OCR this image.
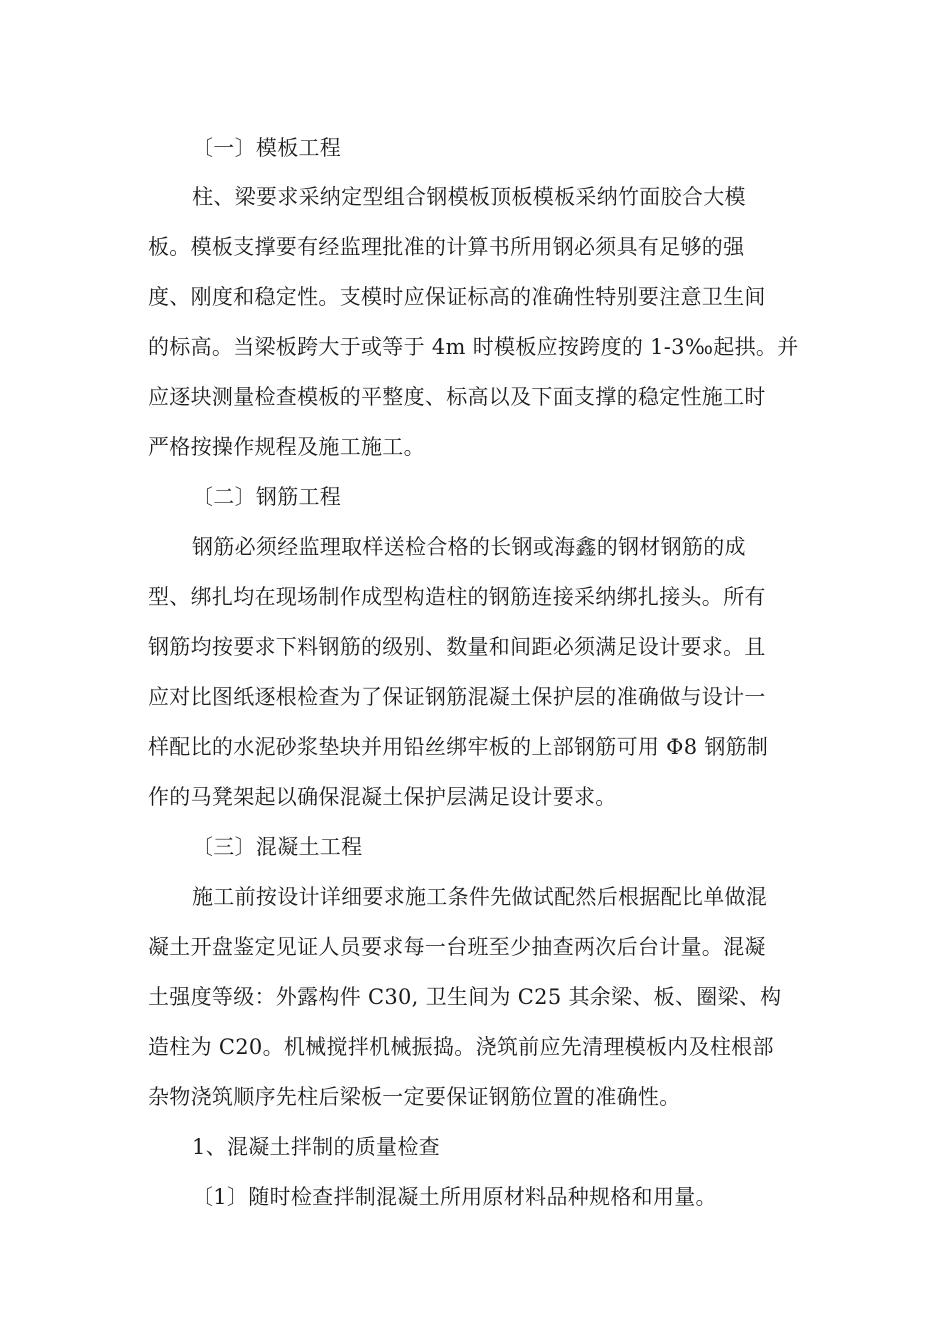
〔一〕模板工程
柱、梁要求采纳定型组合钢模板顶板模板采纳竹面胶合大模
板。模板支撑要有经监理批准的计算书所用钢必须具有足够的强
度、刚度和稳定性。支模时应保证标高的准确性特别要注意卫生间
的标高。当梁板跨大于或等于 4m 时模板应按跨度的 1-3‰起拱。并
应逐块测量检查模板的平整度、标高以及下面支撑的稳定性施工时
严格按操作规程及施工施工。
〔二〕钢筋工程
钢筋必须经监理取样送检合格的长钢或海鑫的钢材钢筋的成
型、绑扎均在现场制作成型构造柱的钢筋连接采纳绑扎接头。所有
钢筋均按要求下料钢筋的级别、数量和间距必须满足设计要求。且
应对比图纸逐根检查为了保证钢筋混凝土保护层的准确做与设计一
样配比的水泥砂浆垫块并用铅丝绑牢板的上部钢筋可用 Φ8 钢筋制
作的马凳架起以确保混凝土保护层满足设计要求。
〔三〕混凝土工程
施工前按设计详细要求施工条件先做试配然后根据配比单做混
凝土开盘鉴定见证人员要求每一台班至少抽查两次后台计量。混凝
土强度等级：外露构件 C30, 卫生间为 C25 其余梁、板、圈梁、构
造柱为 C20。机械搅拌机械振捣。浇筑前应先清理模板内及柱根部
杂物浇筑顺序先柱后梁板一定要保证钢筋位置的准确性。
1、混凝土拌制的质量检查
〔1〕随时检查拌制混凝土所用原材料品种规格和用量。
